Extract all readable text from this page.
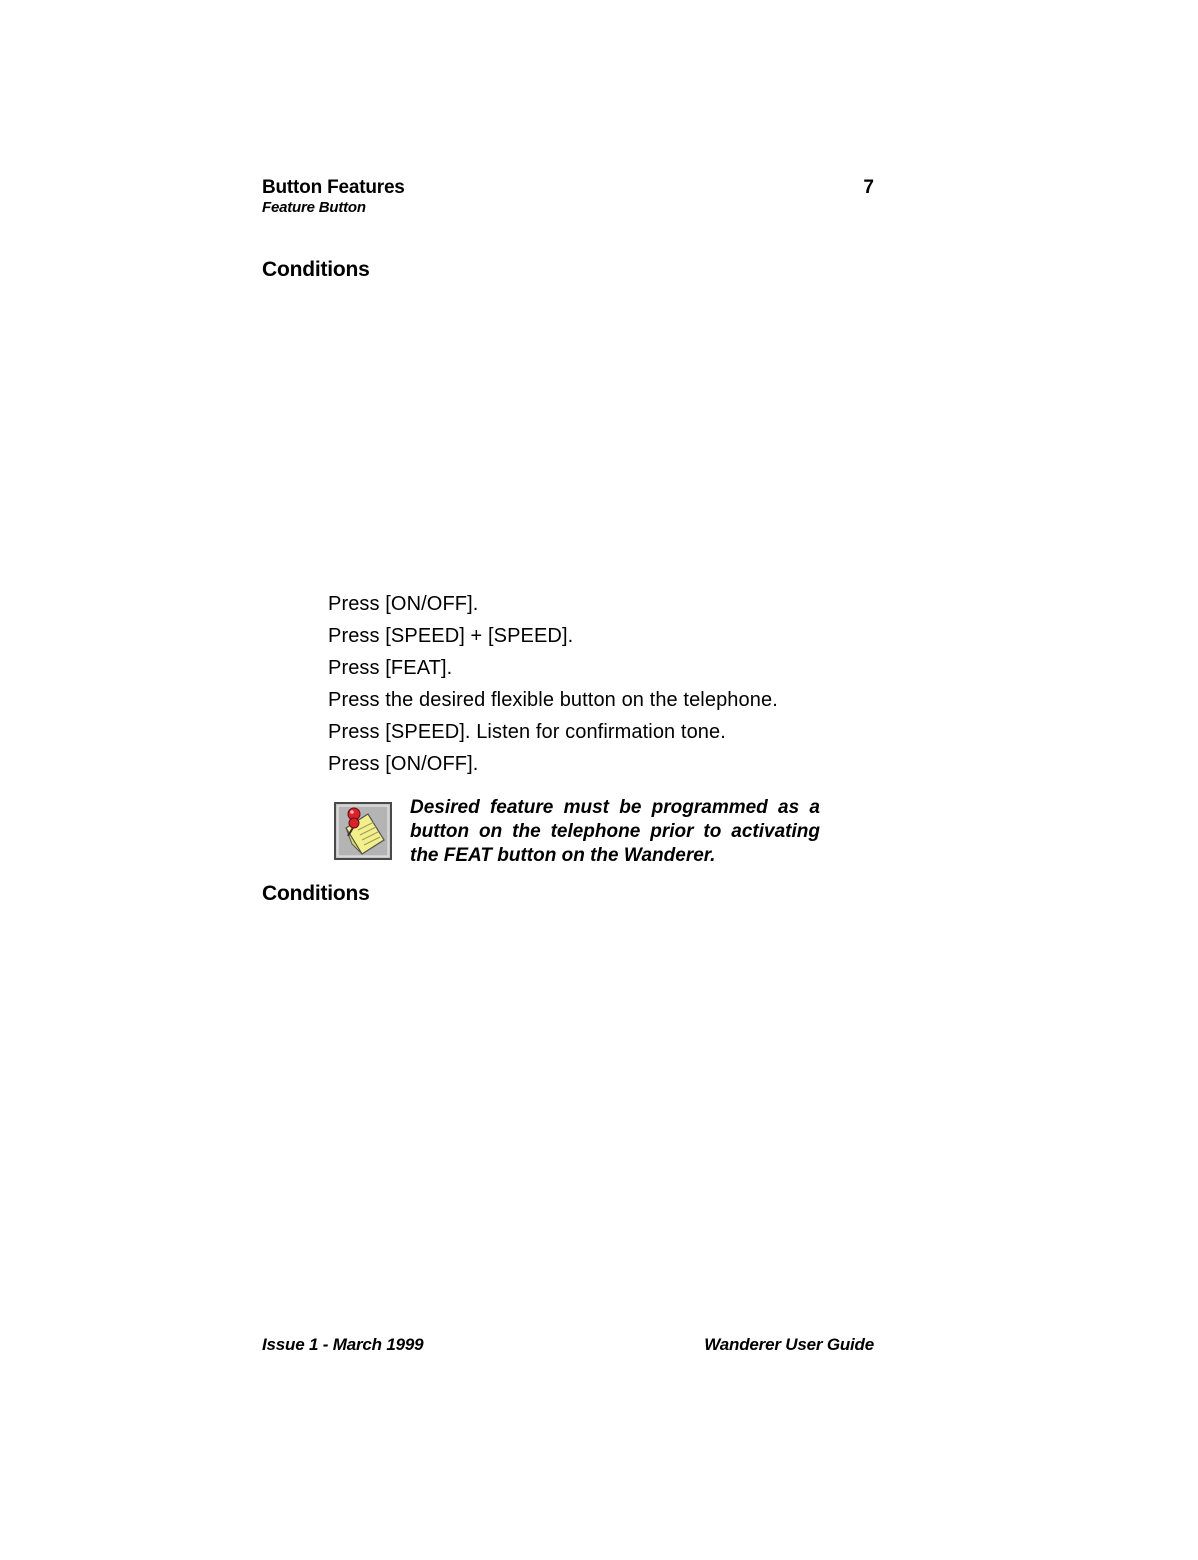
Button Features
Feature Button
7
Conditions
Press [ON/OFF].
Press [SPEED] + [SPEED].
Press [FEAT].
Press the desired flexible button on the telephone.
Press [SPEED]. Listen for confirmation tone.
Press [ON/OFF].
Desired feature must be programmed as a button on the telephone prior to activating the FEAT button on the Wanderer.
Conditions
Issue 1 - March 1999	Wanderer User Guide
